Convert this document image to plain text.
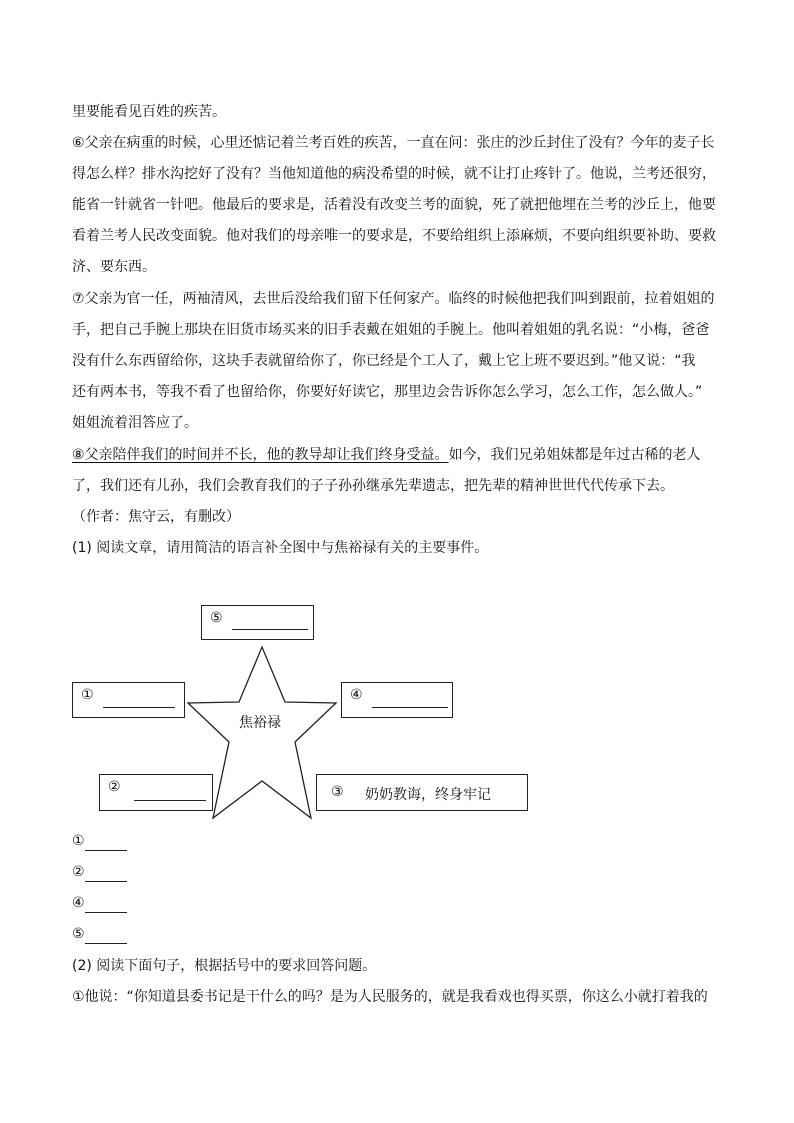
里要能看见百姓的疾苦。
⑥父亲在病重的时候，心里还惦记着兰考百姓的疾苦，一直在问：张庄的沙丘封住了没有？今年的麦子长
得怎么样？排水沟挖好了没有？当他知道他的病没希望的时候，就不让打止疼针了。他说，兰考还很穷，
能省一针就省一针吧。他最后的要求是，活着没有改变兰考的面貌，死了就把他埋在兰考的沙丘上，他要
看着兰考人民改变面貌。他对我们的母亲唯一的要求是，不要给组织上添麻烦，不要向组织要补助、要救
济、要东西。
⑦父亲为官一任，两袖清风，去世后没给我们留下任何家产。临终的时候他把我们叫到跟前，拉着姐姐的
手，把自己手腕上那块在旧货市场买来的旧手表戴在姐姐的手腕上。他叫着姐姐的乳名说：“小梅，爸爸
没有什么东西留给你，这块手表就留给你了，你已经是个工人了，戴上它上班不要迟到。”他又说：“我
还有两本书，等我不看了也留给你，你要好好读它，那里边会告诉你怎么学习，怎么工作，怎么做人。”
姐姐流着泪答应了。
⑧父亲陪伴我们的时间并不长，他的教导却让我们终身受益。如今，我们兄弟姐妹都是年过古稀的老人
了，我们还有儿孙，我们会教育我们的子子孙孙继承先辈遗志，把先辈的精神世世代代传承下去。
（作者：焦守云，有删改）
(1) 阅读文章，请用简洁的语言补全图中与焦裕禄有关的主要事件。
焦裕禄
⑤
①	④
②	③ 奶奶教诲，终身牢记
①
②
④
⑤
(2) 阅读下面句子，根据括号中的要求回答问题。
①他说：“你知道县委书记是干什么的吗？是为人民服务的，就是我看戏也得买票，你这么小就打着我的
